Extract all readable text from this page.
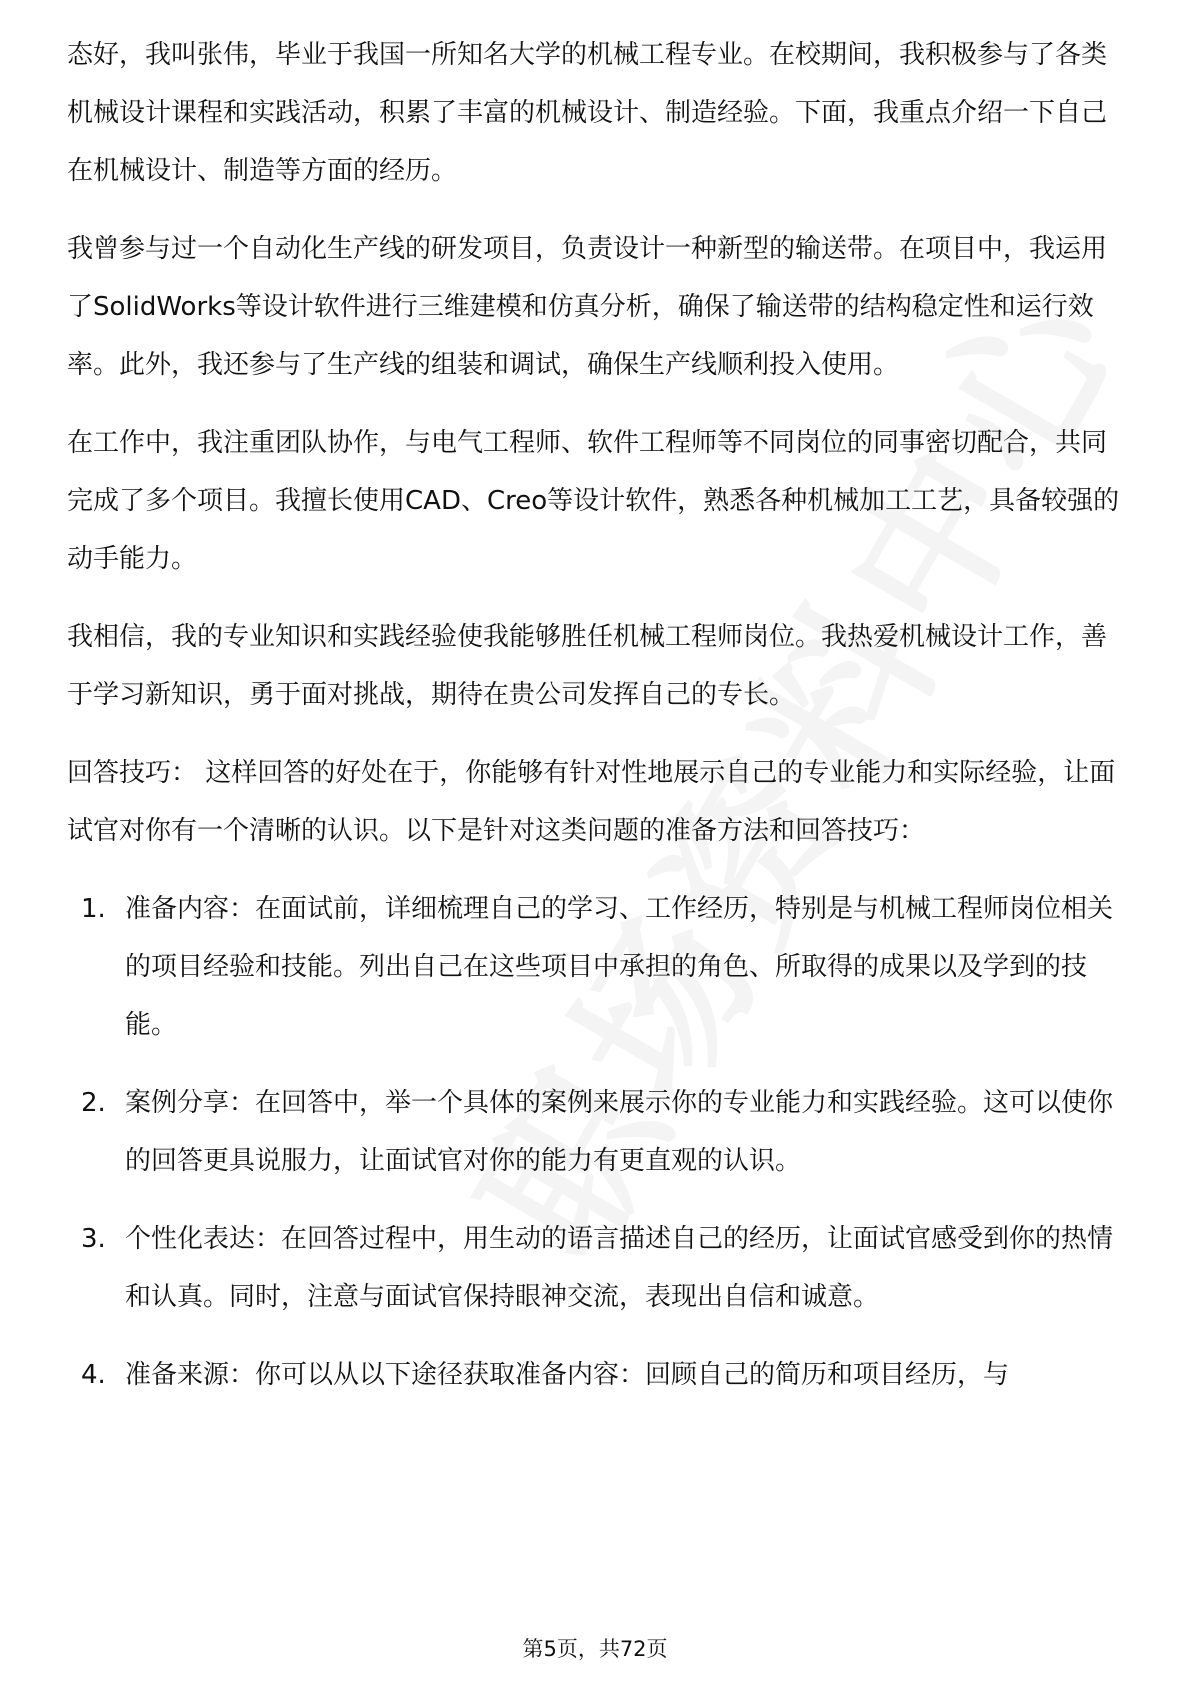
态好，我叫张伟，毕业于我国一所知名大学的机械工程专业。在校期间，我积极参与了各类机械设计课程和实践活动，积累了丰富的机械设计、制造经验。下面，我重点介绍一下自己在机械设计、制造等方面的经历。

我曾参与过一个自动化生产线的研发项目，负责设计一种新型的输送带。在项目中，我运用了SolidWorks等设计软件进行三维建模和仿真分析，确保了输送带的结构稳定性和运行效率。此外，我还参与了生产线的组装和调试，确保生产线顺利投入使用。

在工作中，我注重团队协作，与电气工程师、软件工程师等不同岗位的同事密切配合，共同完成了多个项目。我擅长使用CAD、Creo等设计软件，熟悉各种机械加工工艺，具备较强的动手能力。

我相信，我的专业知识和实践经验使我能够胜任机械工程师岗位。我热爱机械设计工作，善于学习新知识，勇于面对挑战，期待在贵公司发挥自己的专长。

回答技巧： 这样回答的好处在于，你能够有针对性地展示自己的专业能力和实际经验，让面试官对你有一个清晰的认识。以下是针对这类问题的准备方法和回答技巧：

1. 准备内容：在面试前，详细梳理自己的学习、工作经历，特别是与机械工程师岗位相关的项目经验和技能。列出自己在这些项目中承担的角色、所取得的成果以及学到的技能。
2. 案例分享：在回答中，举一个具体的案例来展示你的专业能力和实践经验。这可以使你的回答更具说服力，让面试官对你的能力有更直观的认识。
3. 个性化表达：在回答过程中，用生动的语言描述自己的经历，让面试官感受到你的热情和认真。同时，注意与面试官保持眼神交流，表现出自信和诚意。
4. 准备来源：你可以从以下途径获取准备内容：回顾自己的简历和项目经历，与
第5页，共72页
